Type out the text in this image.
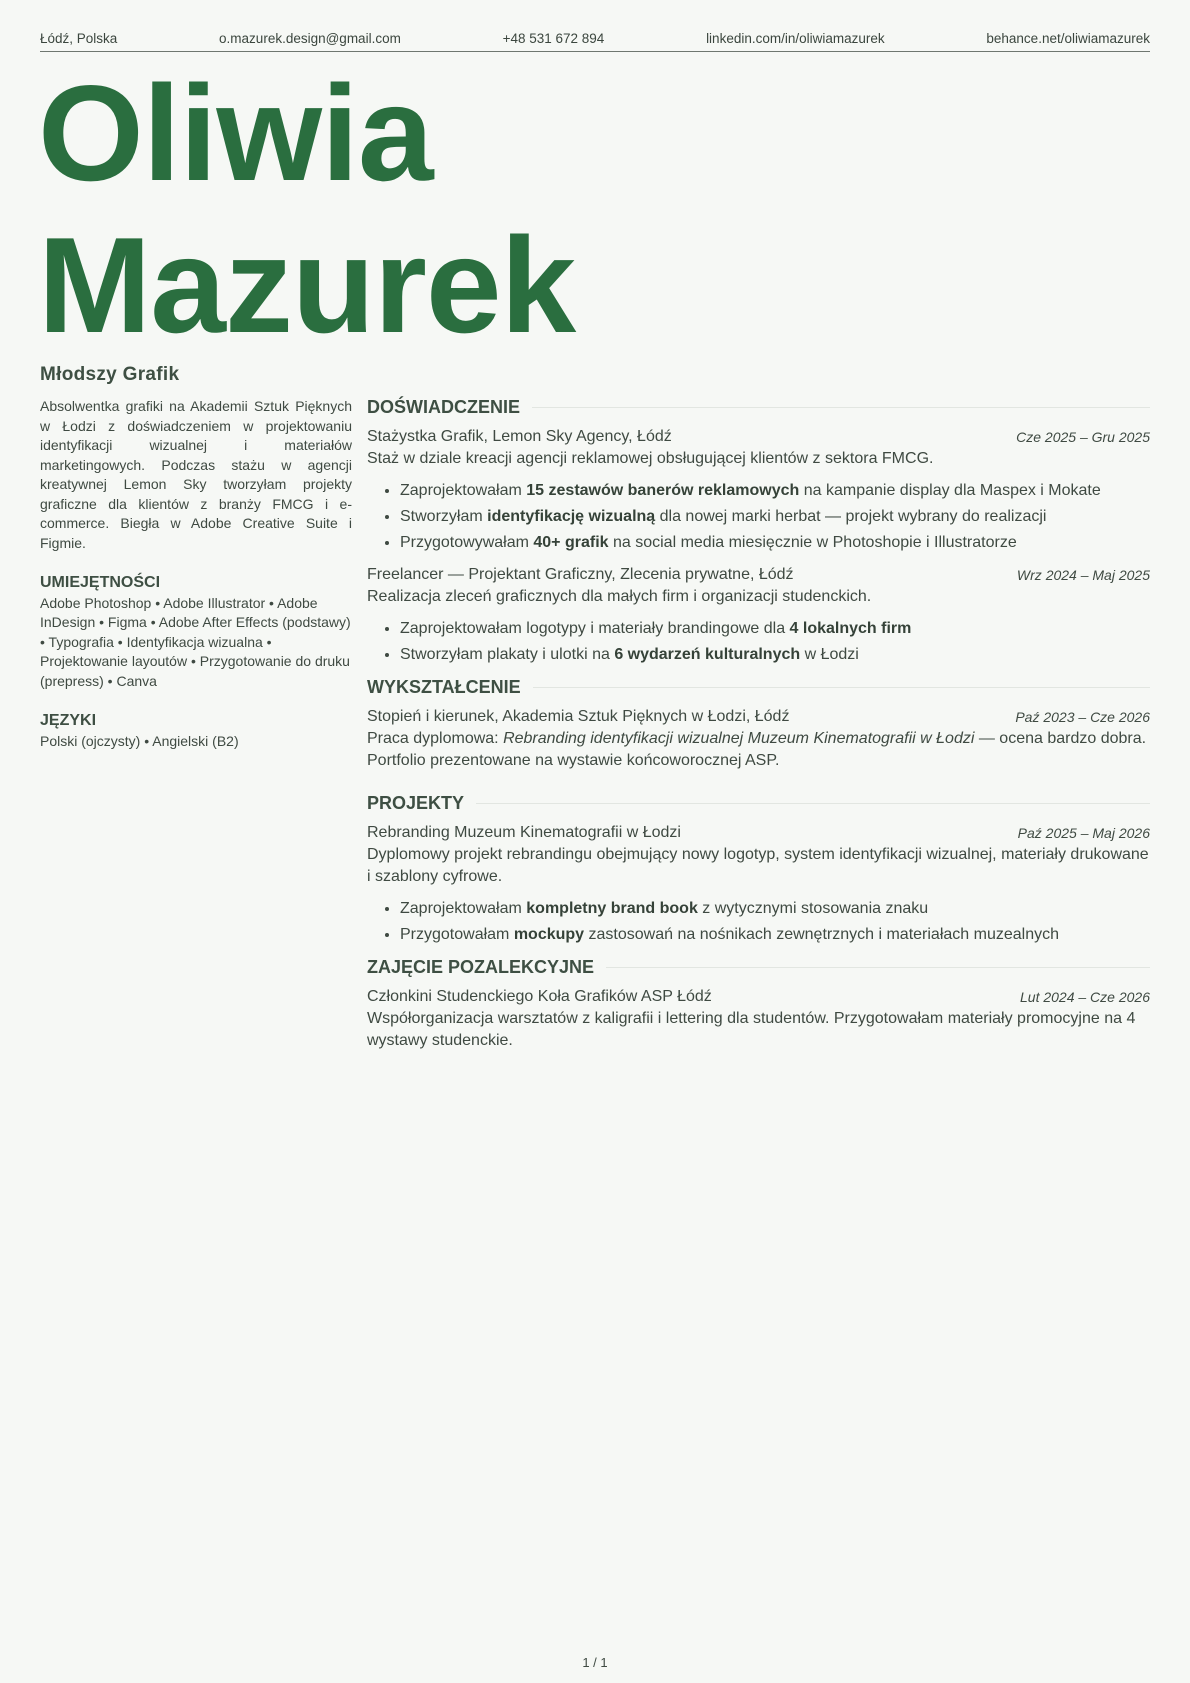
Łódź, Polska	o.mazurek.design@gmail.com	+48 531 672 894	linkedin.com/in/oliwiamazurek	behance.net/oliwiamazurek
Oliwia
Mazurek
Młodszy Grafik

Absolwentka grafiki na Akademii Sztuk Pięknych w Łodzi z doświadczeniem w projektowaniu identyfikacji wizualnej i materiałów marketingowych. Podczas stażu w agencji kreatywnej Lemon Sky tworzyłam projekty graficzne dla klientów z branży FMCG i e-commerce. Biegła w Adobe Creative Suite i Figmie.

UMIEJĘTNOŚCI
Adobe Photoshop • Adobe Illustrator • Adobe InDesign • Figma • Adobe After Effects (podstawy) • Typografia • Identyfikacja wizualna • Projektowanie layoutów • Przygotowanie do druku (prepress) • Canva
JĘZYKI
Polski (ojczysty) • Angielski (B2)
DOŚWIADCZENIE
Stażystka Grafik, Lemon Sky Agency, Łódź	Cze 2025 – Gru 2025

Staż w dziale kreacji agencji reklamowej obsługującej klientów z sektora FMCG.

• Zaprojektowałam 15 zestawów banerów reklamowych na kampanie display dla Maspex i Mokate
• Stworzyłam identyfikację wizualną dla nowej marki herbat — projekt wybrany do realizacji
• Przygotowywałam 40+ grafik na social media miesięcznie w Photoshopie i Illustratorze
Freelancer — Projektant Graficzny, Zlecenia prywatne, Łódź	Wrz 2024 – Maj 2025

Realizacja zleceń graficznych dla małych firm i organizacji studenckich.

• Zaprojektowałam logotypy i materiały brandingowe dla 4 lokalnych firm
• Stworzyłam plakaty i ulotki na 6 wydarzeń kulturalnych w Łodzi
WYKSZTAŁCENIE
Stopień i kierunek, Akademia Sztuk Pięknych w Łodzi, Łódź	Paź 2023 – Cze 2026

Praca dyplomowa: Rebranding identyfikacji wizualnej Muzeum Kinematografii w Łodzi — ocena bardzo dobra. Portfolio prezentowane na wystawie końcoworocznej ASP.

PROJEKTY
Rebranding Muzeum Kinematografii w Łodzi	Paź 2025 – Maj 2026

Dyplomowy projekt rebrandingu obejmujący nowy logotyp, system identyfikacji wizualnej, materiały drukowane i szablony cyfrowe.

• Zaprojektowałam kompletny brand book z wytycznymi stosowania znaku
• Przygotowałam mockupy zastosowań na nośnikach zewnętrznych i materiałach muzealnych
ZAJĘCIE POZALEKCYJNE
Członkini Studenckiego Koła Grafików ASP Łódź	Lut 2024 – Cze 2026

Współorganizacja warsztatów z kaligrafii i lettering dla studentów. Przygotowałam materiały promocyjne na 4 wystawy studenckie.

1 / 1
